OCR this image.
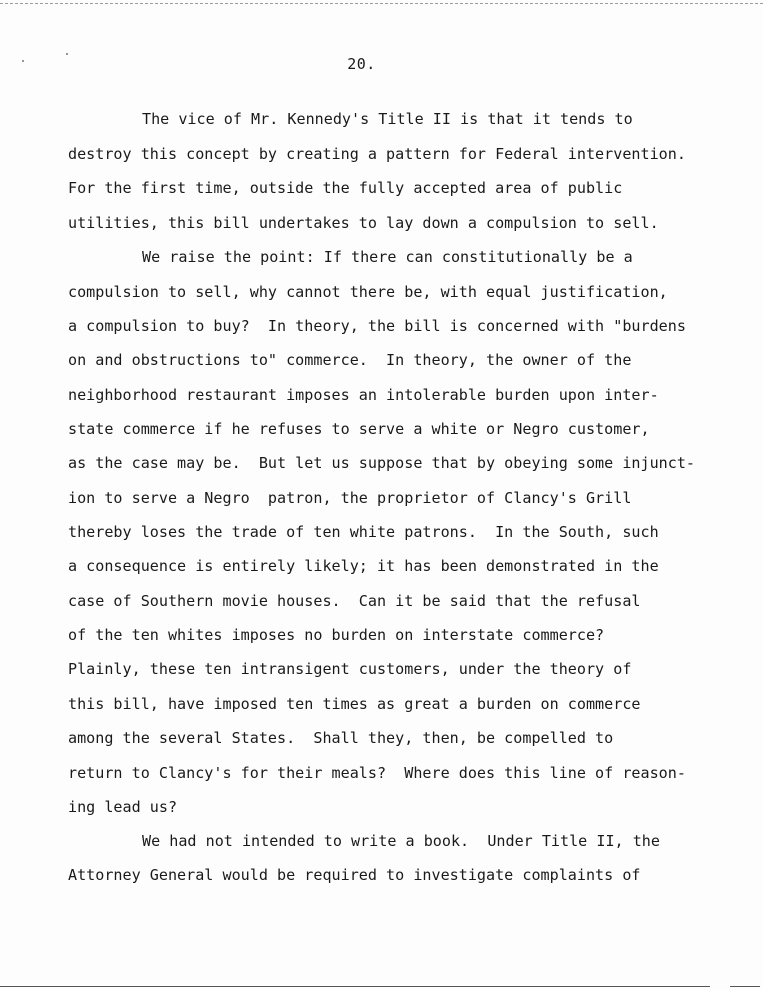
20.
The vice of Mr. Kennedy's Title II is that it tends to
destroy this concept by creating a pattern for Federal intervention.
For the first time, outside the fully accepted area of public
utilities, this bill undertakes to lay down a compulsion to sell.
We raise the point: If there can constitutionally be a
compulsion to sell, why cannot there be, with equal justification,
a compulsion to buy?  In theory, the bill is concerned with "burdens
on and obstructions to" commerce.  In theory, the owner of the
neighborhood restaurant imposes an intolerable burden upon inter-
state commerce if he refuses to serve a white or Negro customer,
as the case may be.  But let us suppose that by obeying some injunct-
ion to serve a Negro  patron, the proprietor of Clancy's Grill
thereby loses the trade of ten white patrons.  In the South, such
a consequence is entirely likely; it has been demonstrated in the
case of Southern movie houses.  Can it be said that the refusal
of the ten whites imposes no burden on interstate commerce?
Plainly, these ten intransigent customers, under the theory of
this bill, have imposed ten times as great a burden on commerce
among the several States.  Shall they, then, be compelled to
return to Clancy's for their meals?  Where does this line of reason-
ing lead us?
We had not intended to write a book.  Under Title II, the
Attorney General would be required to investigate complaints of
